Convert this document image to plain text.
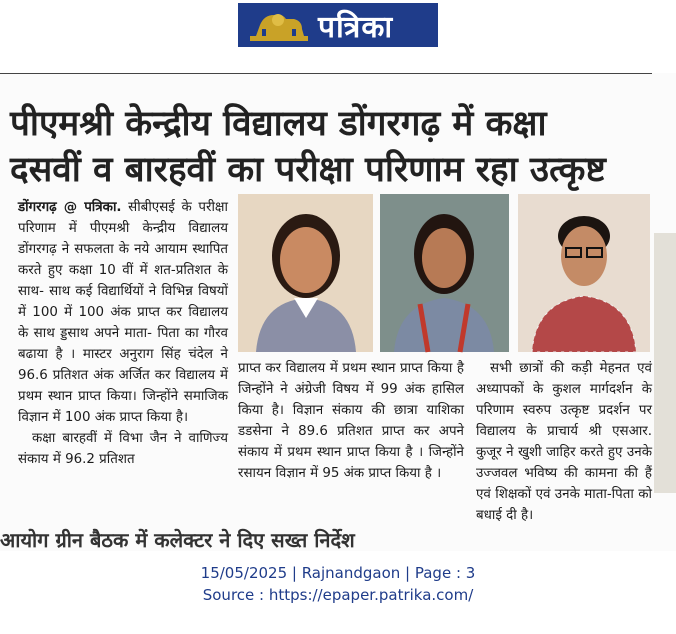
पत्रिका
पीएमश्री केन्द्रीय विद्यालय डोंगरगढ़ में कक्षा
दसवीं व बारहवीं का परीक्षा परिणाम रहा उत्कृष्ट
डोंगरगढ़ @ पत्रिका. सीबीएसई के परीक्षा परिणाम में पीएमश्री केन्द्रीय विद्यालय डोंगरगढ़ ने सफलता के नये आयाम स्थापित करते हुए कक्षा 10 वीं में शत-प्रतिशत के साथ- साथ कई विद्यार्थियों ने विभिन्न विषयों में 100 में 100 अंक प्राप्त कर विद्यालय के साथ ड्डसाथ अपने माता- पिता का गौरव बढाया है । मास्टर अनुराग सिंह चंदेल ने 96.6 प्रतिशत अंक अर्जित कर विद्यालय में प्रथम स्थान प्राप्त किया। जिन्होंने समाजिक विज्ञान में 100 अंक प्राप्त किया है।
कक्षा बारहवीं में विभा जैन ने वाणिज्य संकाय में 96.2 प्रतिशत
प्राप्त कर विद्यालय में प्रथम स्थान प्राप्त किया है जिन्होंने ने अंग्रेजी विषय में 99 अंक हासिल किया है। विज्ञान संकाय की छात्रा याशिका डडसेना ने 89.6 प्रतिशत प्राप्त कर अपने संकाय में प्रथम स्थान प्राप्त किया है । जिन्होंने रसायन विज्ञान में 95 अंक प्राप्त किया है ।
सभी छात्रों की कड़ी मेहनत एवं अध्यापकों के कुशल मार्गदर्शन के परिणाम स्वरुप उत्कृष्ट प्रदर्शन पर विद्यालय के प्राचार्य श्री एसआर. कुजूर ने खुशी जाहिर करते हुए उनके उज्जवल भविष्य की कामना की हैं एवं शिक्षकों एवं उनके माता-पिता को बधाई दी है।
आयोग ग्रीन बैठक में कलेक्टर ने दिए सख्त निर्देश
15/05/2025 | Rajnandgaon | Page : 3
Source : https://epaper.patrika.com/
